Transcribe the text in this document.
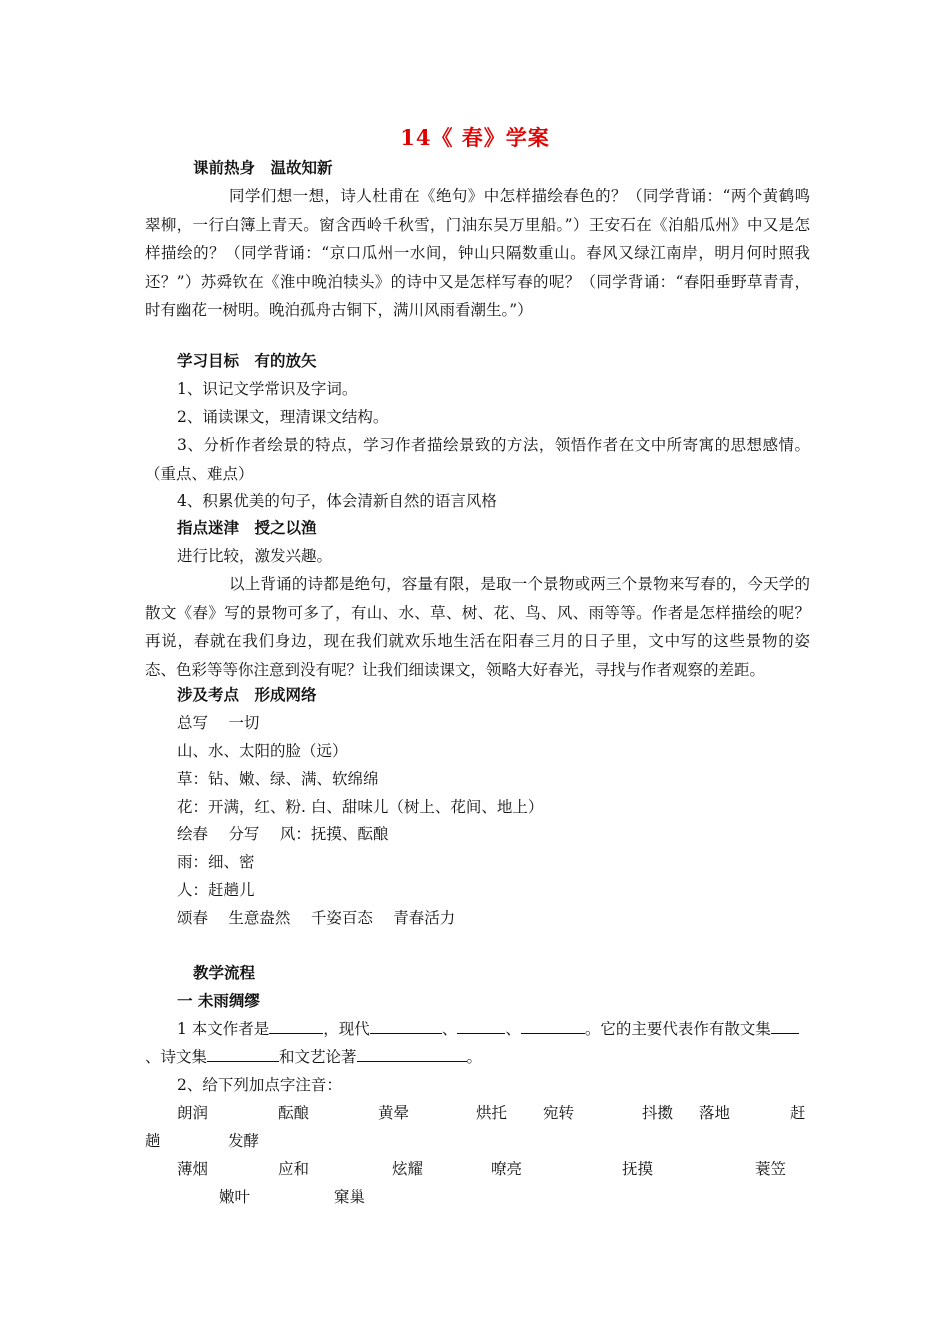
14《 春》学案
课前热身　温故知新
同学们想一想，诗人杜甫在《绝句》中怎样描绘春色的？（同学背诵：“两个黄鹤鸣翠柳，一行白簿上青天。窗含西岭千秋雪，门油东吴万里船。”）王安石在《泊船瓜州》中又是怎样描绘的？（同学背诵：“京口瓜州一水间，钟山只隔数重山。春风又绿江南岸，明月何时照我还？”）苏舜钦在《淮中晚泊犊头》的诗中又是怎样写春的呢？（同学背诵：“春阳垂野草青青，时有幽花一树明。晚泊孤舟古铜下，满川风雨看潮生。”）
学习目标　有的放矢
1、识记文学常识及字词。
2、诵读课文，理清课文结构。
3、分析作者绘景的特点，学习作者描绘景致的方法，领悟作者在文中所寄寓的思想感情。（重点、难点）
4、积累优美的句子，体会清新自然的语言风格
指点迷津　授之以渔
进行比较，激发兴趣。
以上背诵的诗都是绝句，容量有限，是取一个景物或两三个景物来写春的，今天学的散文《春》写的景物可多了，有山、水、草、树、花、鸟、风、雨等等。作者是怎样描绘的呢？再说，春就在我们身边，现在我们就欢乐地生活在阳春三月的日子里，文中写的这些景物的姿态、色彩等等你注意到没有呢？让我们细读课文，领略大好春光，寻找与作者观察的差距。
涉及考点　形成网络
总写　 一切
山、水、太阳的脸（远）
草：钻、嫩、绿、满、软绵绵
花：开满，红、粉. 白、甜味儿（树上、花间、地上）
绘春　 分写　 风：抚摸、酝酿
雨：细、密
人：赶趟儿
颂春　 生意盎然　 千姿百态　 青春活力
教学流程
一 未雨绸缪
1 本文作者是	，现代	、	、	。它的主要代表作有散文集
、诗文集	和文艺论著	。
2、给下列加点字注音：
朗润	酝酿	黄晕	烘托 宛转	抖擞 落地	赶
趟	发酵
薄烟	应和	炫耀	嘹亮	抚摸	蓑笠
嫩叶	窠巢
